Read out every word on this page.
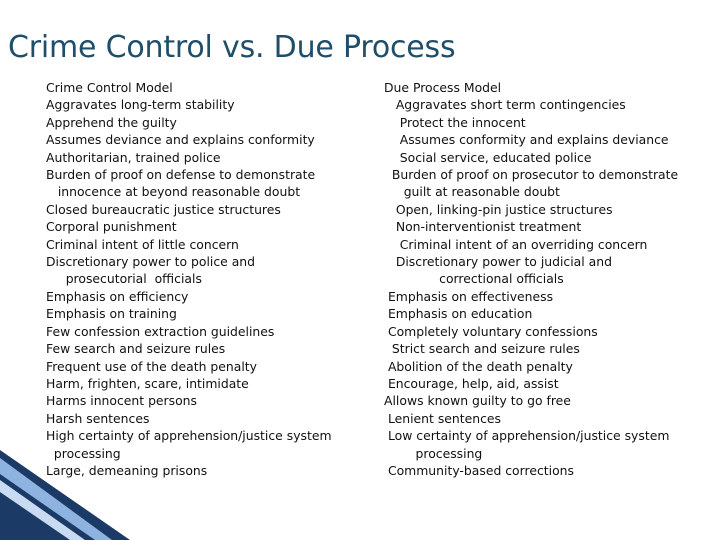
Crime Control vs. Due Process
Crime Control Model
Aggravates long-term stability
Apprehend the guilty
Assumes deviance and explains conformity
Authoritarian, trained police
Burden of proof on defense to demonstrate
innocence at beyond reasonable doubt
Closed bureaucratic justice structures
Corporal punishment
Criminal intent of little concern
Discretionary power to police and
prosecutorial  officials
Emphasis on efficiency
Emphasis on training
Few confession extraction guidelines
Few search and seizure rules
Frequent use of the death penalty
Harm, frighten, scare, intimidate
Harms innocent persons
Harsh sentences
High certainty of apprehension/justice system
processing
Large, demeaning prisons
Due Process Model
Aggravates short term contingencies
Protect the innocent
Assumes conformity and explains deviance
Social service, educated police
Burden of proof on prosecutor to demonstrate
guilt at reasonable doubt
Open, linking-pin justice structures
Non-interventionist treatment
Criminal intent of an overriding concern
Discretionary power to judicial and
correctional officials
Emphasis on effectiveness
Emphasis on education
Completely voluntary confessions
Strict search and seizure rules
Abolition of the death penalty
Encourage, help, aid, assist
Allows known guilty to go free
Lenient sentences
Low certainty of apprehension/justice system
processing
Community-based corrections
